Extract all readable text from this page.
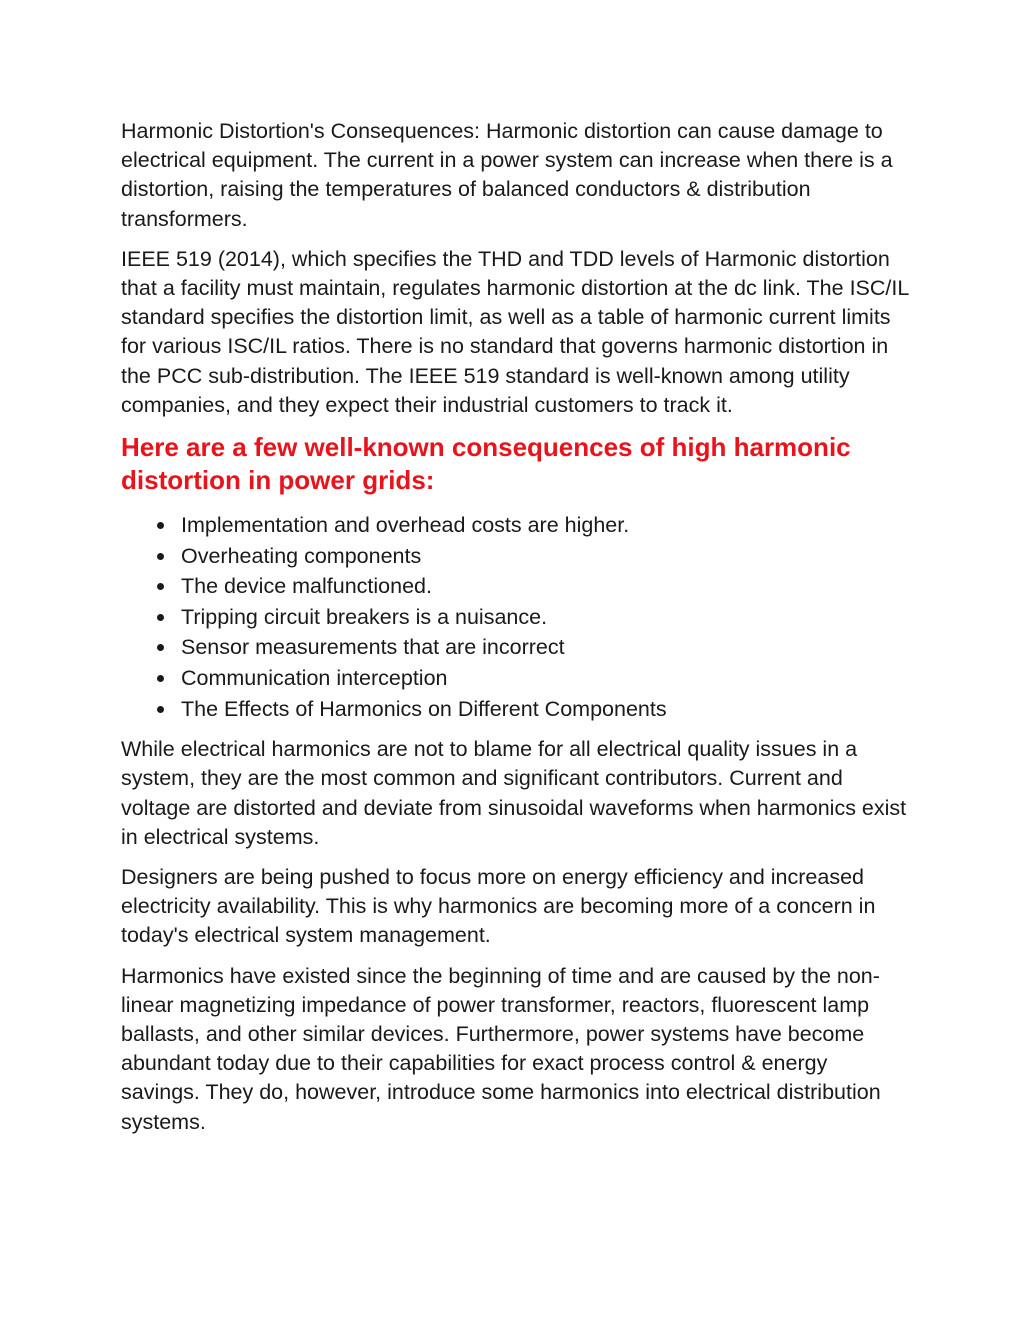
Harmonic Distortion's Consequences: Harmonic distortion can cause damage to electrical equipment. The current in a power system can increase when there is a distortion, raising the temperatures of balanced conductors & distribution transformers.

IEEE 519 (2014), which specifies the THD and TDD levels of Harmonic distortion that a facility must maintain, regulates harmonic distortion at the dc link. The ISC/IL standard specifies the distortion limit, as well as a table of harmonic current limits for various ISC/IL ratios. There is no standard that governs harmonic distortion in the PCC sub-distribution. The IEEE 519 standard is well-known among utility companies, and they expect their industrial customers to track it.

Here are a few well-known consequences of high harmonic distortion in power grids:
Implementation and overhead costs are higher.
Overheating components
The device malfunctioned.
Tripping circuit breakers is a nuisance.
Sensor measurements that are incorrect
Communication interception
The Effects of Harmonics on Different Components

While electrical harmonics are not to blame for all electrical quality issues in a system, they are the most common and significant contributors. Current and voltage are distorted and deviate from sinusoidal waveforms when harmonics exist in electrical systems.

Designers are being pushed to focus more on energy efficiency and increased electricity availability. This is why harmonics are becoming more of a concern in today's electrical system management.

Harmonics have existed since the beginning of time and are caused by the non-linear magnetizing impedance of power transformer, reactors, fluorescent lamp ballasts, and other similar devices. Furthermore, power systems have become abundant today due to their capabilities for exact process control & energy savings. They do, however, introduce some harmonics into electrical distribution systems.
